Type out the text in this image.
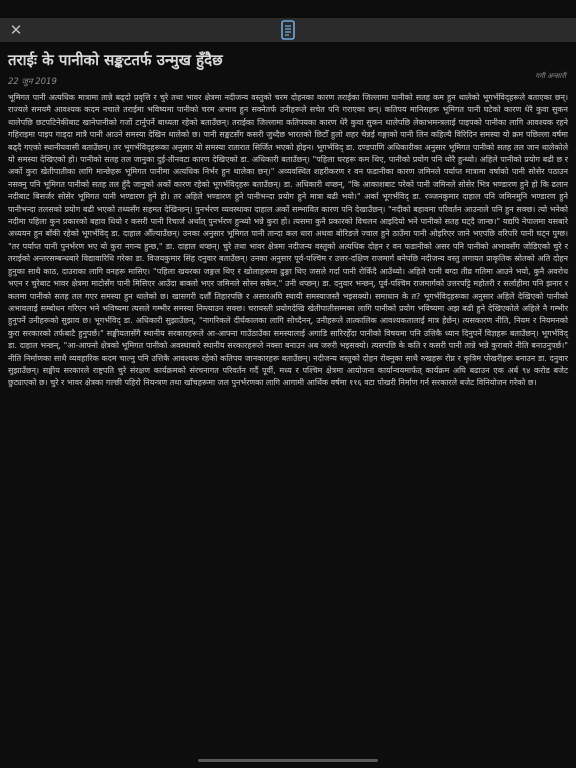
✕
तराईः के पानीको सङ्कटतर्फ उन्मुख हुँदैछ
22 जुन 2019
गगी अन्सारी
भूमिगत पानी अत्यधिक मात्रामा तान्ने बढ्दो प्रवृत्ति र चुरे तथा भावर क्षेत्रमा नदीजन्य वस्तुको चरम दोहनका कारण तराईका जिल्लामा पानीको सतह कम हुन थालेको भूगर्भविद्हरूले बताएका छन्। राज्यले समयमै आवश्यक कदम नचाले तराईमा भविष्यमा पानीको चरम अभाव हुन सक्नेतर्फ उनीहरूले सचेत पनि गराएका छन्। कतिपय मानिसहरू भूमिगत पानी घटेको कारण धेरै कुवा सुकन थालेपछि छटपटिनेकीबाट खानेपानीको गर्जो टार्नुपर्ने बाध्यता रहेको बताउँछन्। तराईका जिल्लामा कतिपयका कारण धेरै कुवा सुकन थालेपछि लेकाभमन्त्रलाई पाइपको पानीका लागि आवश्यक रहने गहिराइमा पाइप गाड्दा मात्रै पानी आउने समस्या देखिन थालेको छ। पानी सङ्कटसँग कसरी जुध्दैछ भारतको छिटोँ हुलो शहर चेन्नई गङ्गाको पानी लिन कहिल्यै विरिदिन समस्या यो क्रम पछिल्ला वर्षमा बढ्दै गएको स्थानीयवासी बताउँछन्। तर भूगर्भविद्हरूका अनुसार यो समस्या रातारात सिर्जित भएको होइन। भूगर्भविद् डा. दण्डपाणि अधिकारीका अनुसार भूमिगत पानीको सतह तल जान थालेकोले यो समस्या देखिएको हो। पानीको सतह तल जानुका दुई-तीनवटा कारण देखिएको डा. अधिकारी बताउँछन्। "पहिला घरहरू कम थिए, पानीको प्रयोग पनि थोरै हुन्थ्यो। अहिले पानीको प्रयोग बढी छ र अर्को कुरा खेतीपातीका लागि मान्छेहरू भूमिगत पानीमा अत्यधिक निर्भर हुन थालेका छन्।" अव्यवस्थित शहरीकरण र वन फडानीका कारण जमिनले पर्याप्त मात्रामा वर्षाको पानी सोसेर पठाउन नसक्नु पनि भूमिगत पानीको सतह तल हुँदै जानुको अर्को कारण रहेको भूगर्भविद्हरू बताउँछन्। डा. अधिकारी थप्छन्, "कि आकाशबाट परेको पानी जमिनले सोसेर भित्र भण्डारण हुने हो कि ढलान नदीबाट बिसर्जर सोसेर भूमिगत पानी भण्डारण हुने हो। तर अहिले भण्डारण हुने पानीभन्दा प्रयोग हुने मात्रा बढी भयो।" अर्का भूगर्भविद् डा. रञ्जनकुमार दाहाल पनि जमिनमुनि भण्डारण हुने पानीभन्दा तलसको प्रयोग बढी भएको तथ्यसँग सहमत देखिन्छन्। पुनर्भरण व्यवस्थाका दाहाल अर्को सम्भावित कारण पनि देखाउँछन्। "नदीको बहावमा परिवर्तन आउनाले पनि हुन सक्छ। त्यो भनेको नदीमा पहिला कुन प्रकारको बहाव थियो र कसरी पानी रिचार्ज अर्थात् पुनर्भरण हुन्थ्यो भन्ने कुरा हो। त्यसमा कुनै प्रकारको विचलन आइदियो भने पानीको सतह घट्दै जान्छ।" यद्यपि नेपालमा यसबारे अध्ययन हुन बाँकी रहेको भूगर्भविद् डा. दाहाल औँल्याउँछन्। उनका अनुसार भूमिगत पानी तान्दा कल धारा अथवा बोरिङले ज्वाल हुने ठाउँमा पानी ओइरिएर जाने भएपछि वरिपरि पानी घट्न पुग्छ। "तर पर्याप्त पानी पुनर्भरण भए यो कुरा नगन्य हुन्छ," डा. दाहाल थप्छन्। चुरे तथा भावर क्षेत्रमा नदीजन्य वस्तुको अत्यधिक दोहन र वन फडानीको असर पनि पानीको अभावसँग जोडिएको चुरे र तराईको अन्तरसम्बन्धबारे विद्यावारिधि गरेका डा. विजयकुमार सिंह दनुवार बताउँछन्। उनका अनुसार पूर्व-पश्चिम र उत्तर-दक्षिण राजमार्ग बनेपछि नदीजन्य वस्तु लगायत प्राकृतिक स्रोतको अति दोहन हुनुका साथै काठ, दाउराका लागि वनहरू मासिए। "पहिला खयरका जङ्गल थिए र खोलाहरूमा ढुङ्गा थिए जसले गर्दा पानी रोकिँदै आउँथ्यो। अहिले पानी बग्दा तीव्र गतिमा आउने भयो, कुनै अवरोध भएन र चुरेबाट भावर क्षेत्रमा माटोसँग पानी मिसिएर आउँदा बाक्लो भएर जमिनले सोस्न सकेन," उनी थप्छन्। डा. दनुवार भन्छन्, पूर्व-पश्चिम राजमार्गको उत्तरपट्टि महोतरी र सर्लाहीमा पनि झनार र कलमा पानीको सतह तल गएर समस्या हुन थालेको छ। खासगरी दर्शौं तिहारपछि र असारअघि स्थायी समस्याजस्तै भइसक्यो। समाधान के त? भूगर्भविद्हरूका अनुसार अहिले देखिएको पानीको अभावलाई सम्बोधन गरिएन भने भविष्यमा त्यसले गम्भीर समस्या निम्त्याउन सक्छ। चरायस्ती प्रयोगदेखि खेतीपातीसम्मका लागि पानीको प्रयोग भविष्यमा अझ बढी हुने देखिएकोले अहिले नै गम्भीर हुनुपर्ने उनीहरूको सुझाव छ। भूगर्भविद् डा. अधिकारी सुझाउँछन्, "नागरिकले दीर्घकालका लागि सोच्दैनन्, उनीहरूले तात्कालिक आवश्यकतालाई मात्र हेर्छन्। त्यसकारण नीति, नियम र नियमनको कुरा सरकारको तर्फबाटै हुनुपर्छ।" सङ्घीयतासँगै स्थानीय सरकारहरूले आ-आफ्ना गाउँठाउँका समस्यालाई अगाडि सारिरहेँदा पानीको विषयमा पनि उत्तिकै ध्यान दिनुपर्ने विज्ञहरू बताउँछन्। भूगर्भविद् डा. दाहाल भन्छन्, "आ-आफ्नो क्षेत्रको भूमिगत पानीको अवस्थाबारे स्थानीय सरकारहरूले नक्सा बनाउन अब जरुरी भइसक्यो। त्यसपछि के कति र कसरी पानी तान्ने भन्ने कुराबारे नीति बनाउनुपर्छ।" नीति निर्माणका साथै व्यवहारिक कदम चाल्नु पनि उत्तिकै आवश्यक रहेको कतिपय जानकारहरू बताउँछन्। नदीजन्य वस्तुको दोहन रोक्नुका साथै रुखहरू रोप्न र कृत्रिम पोखरीहरू बनाउन डा. दनुवार सुझाउँछन्। सङ्घीय सरकारले राष्ट्रपति चुरे संरक्षण कार्यक्रमको संरचनागत परिवर्तन गर्दै पूर्वी, मध्य र पश्चिम क्षेत्रमा आयोजना कार्यान्वयमार्फत् कार्यक्रम अघि बढाउन एक अर्ब ९४ करोड बजेट छुट्याएको छ। चुरे र भावर क्षेत्रका गल्छी पहिरो नियन्त्रण तथा खाँचहरूमा जल पुनर्भरणका लागि आगामी आर्थिक वर्षमा ११६ वटा पोखरी निर्माण गर्न सरकारले बजेट विनियोजन गरेको छ।
